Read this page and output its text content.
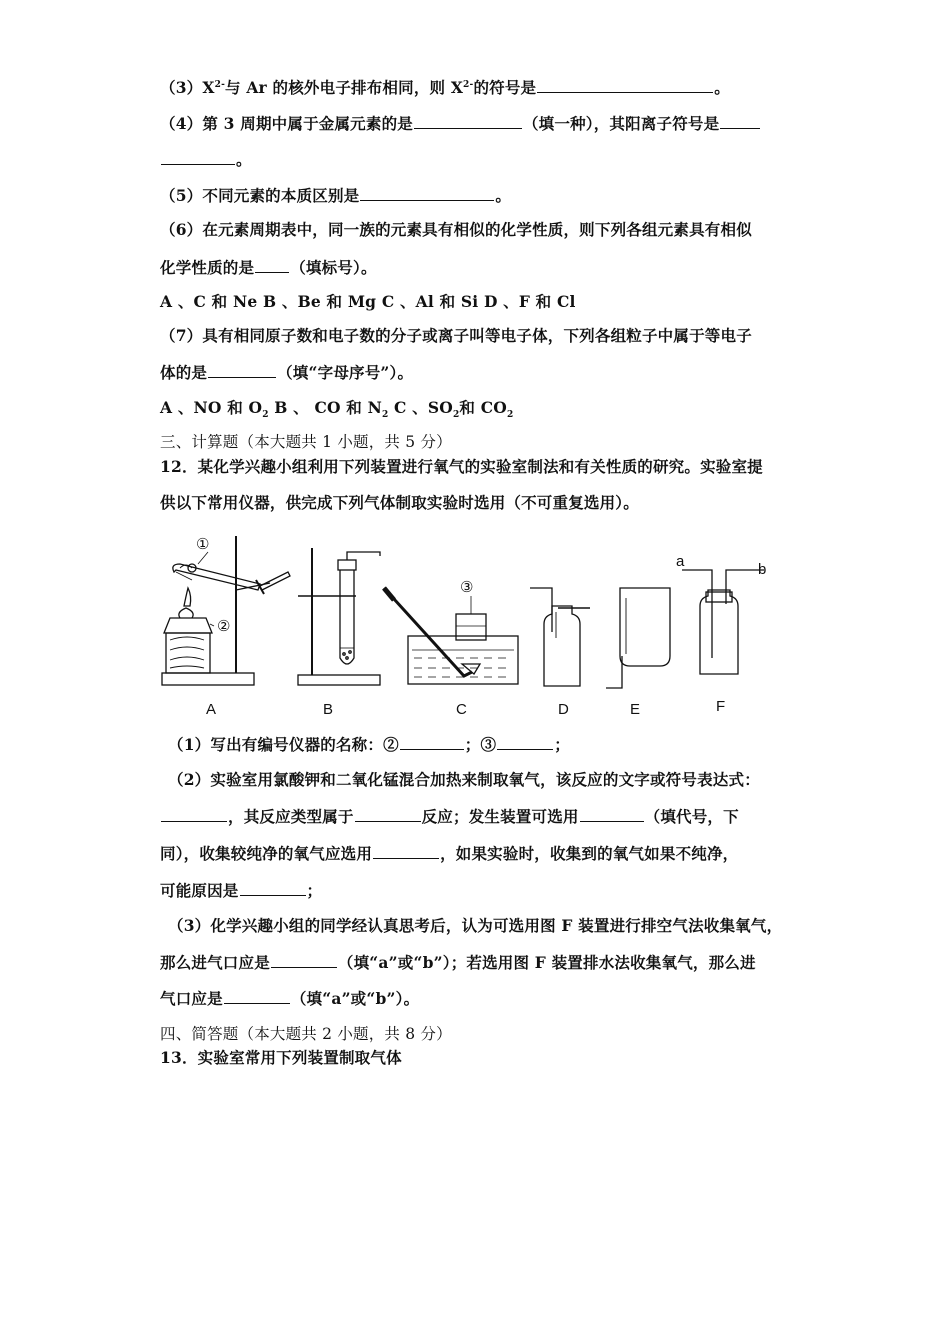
$(3)X^{2-}$与 Ar 的核外电子排布相同，则 $X^{2-}$的符号是	。
（4）第 3 周期中属于金属元素的是	（填一种），其阳离子符号是
。
（5）不同元素的本质区别是	。
（6）在元素周期表中，同一族的元素具有相似的化学性质，则下列各组元素具有相似
化学性质的是 （填标号）。
A 、C 和 Ne B 、Be 和 Mg C 、Al 和 Si D 、F 和 Cl
（7）具有相同原子数和电子数的分子或离子叫等电子体，下列各组粒子中属于等电子
体的是	（填“字母序号”）。
A 、NO 和 $O_2$ B 、 CO 和 $N_2$ C 、$SO_2$和 $CO_2$
三、计算题（本大题共 1 小题，共 5 分）
12．某化学兴趣小组利用下列装置进行氧气的实验室制法和有关性质的研究。实验室提
供以下常用仪器，供完成下列气体制取实验时选用（不可重复选用）。
①
②
③
a	b
A	B	C	D	E	F
（1）写出有编号仪器的名称：②	；③	；
（2）实验室用氯酸钾和二氧化锰混合加热来制取氧气，该反应的文字或符号表达式：
，其反应类型属于	反应；发生装置可选用	（填代号，下
同），收集较纯净的氧气应选用	，如果实验时，收集到的氧气如果不纯净，
可能原因是	；
（3）化学兴趣小组的同学经认真思考后，认为可选用图 F 装置进行排空气法收集氧气，
那么进气口应是	（填“a”或“b”）；若选用图 F 装置排水法收集氧气，那么进
气口应是	（填“a”或“b”）。
四、简答题（本大题共 2 小题，共 8 分）
13．实验室常用下列装置制取气体
